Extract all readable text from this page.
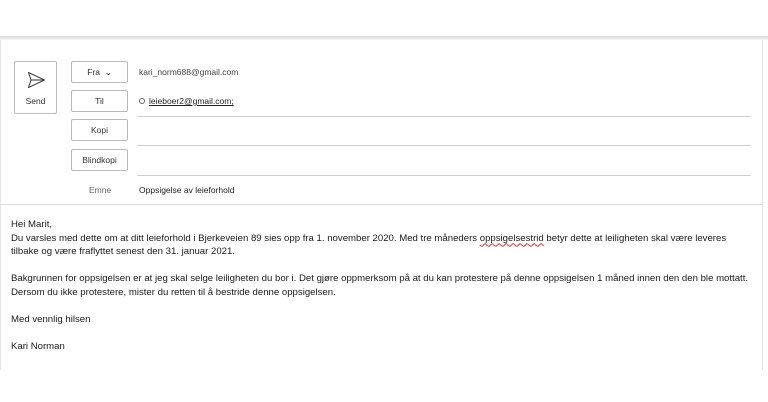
Send
Fra ⌄	kari_norm688@gmail.com
Til	leieboer2@gmail.com;
Kopi
Blindkopi
Emne	Oppsigelse av leieforhold

Hei Marit,

Du varsles med dette om at ditt leieforhold i Bjerkeveien 89 sies opp fra 1. november 2020. Med tre måneders oppsigelsestrid betyr dette at leiligheten skal være leveres tilbake og være fraflyttet senest den 31. januar 2021.

Bakgrunnen for oppsigelsen er at jeg skal selge leiligheten du bor i. Det gjøre oppmerksom på at du kan protestere på denne oppsigelsen 1 måned innen den den ble mottatt. Dersom du ikke protestere, mister du retten til å bestride denne oppsigelsen.

Med vennlig hilsen

Kari Norman
